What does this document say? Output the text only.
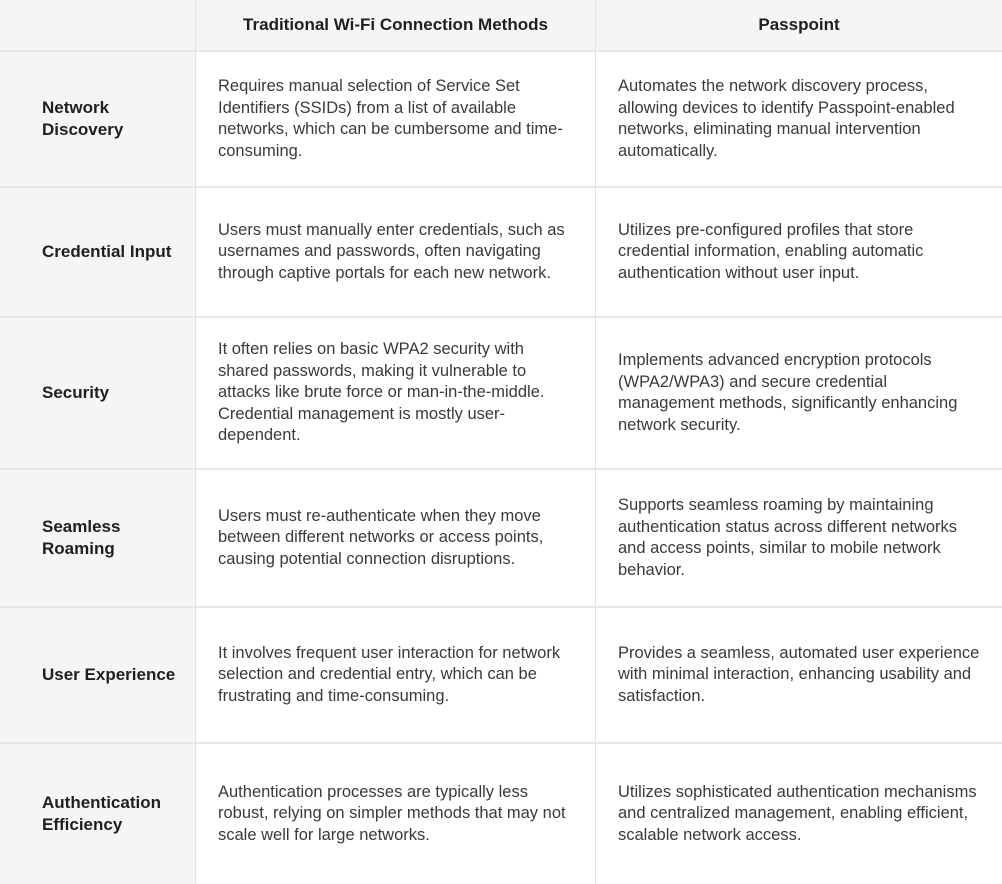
Traditional Wi-Fi Connection Methods	Passpoint
Network Discovery
Requires manual selection of Service Set Identifiers (SSIDs) from a list of available networks, which can be cumbersome and time-consuming.
Automates the network discovery process, allowing devices to identify Passpoint-enabled networks, eliminating manual intervention automatically.
Credential Input
Users must manually enter credentials, such as usernames and passwords, often navigating through captive portals for each new network.
Utilizes pre-configured profiles that store credential information, enabling automatic authentication without user input.
Security
It often relies on basic WPA2 security with shared passwords, making it vulnerable to attacks like brute force or man-in-the-middle. Credential management is mostly user-dependent.
Implements advanced encryption protocols (WPA2/WPA3) and secure credential management methods, significantly enhancing network security.
Seamless Roaming
Users must re-authenticate when they move between different networks or access points, causing potential connection disruptions.
Supports seamless roaming by maintaining authentication status across different networks and access points, similar to mobile network behavior.
User Experience
It involves frequent user interaction for network selection and credential entry, which can be frustrating and time-consuming.
Provides a seamless, automated user experience with minimal interaction, enhancing usability and satisfaction.
Authentication Efficiency
Authentication processes are typically less robust, relying on simpler methods that may not scale well for large networks.
Utilizes sophisticated authentication mechanisms and centralized management, enabling efficient, scalable network access.
